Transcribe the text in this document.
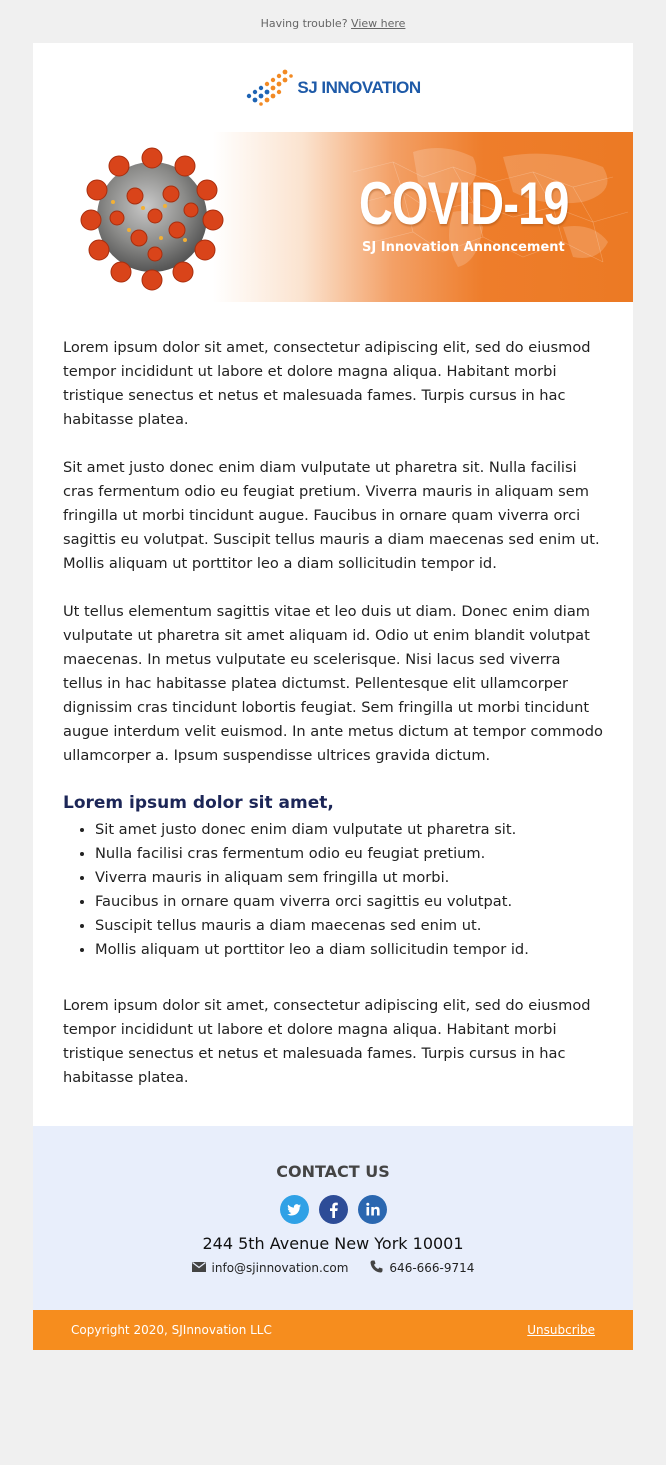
Having trouble? View here
SJ INNOVATION
COVID-19
SJ Innovation Annoncement

Lorem ipsum dolor sit amet, consectetur adipiscing elit, sed do eiusmod tempor incididunt ut labore et dolore magna aliqua. Habitant morbi tristique senectus et netus et malesuada fames. Turpis cursus in hac habitasse platea.

Sit amet justo donec enim diam vulputate ut pharetra sit. Nulla facilisi cras fermentum odio eu feugiat pretium. Viverra mauris in aliquam sem fringilla ut morbi tincidunt augue. Faucibus in ornare quam viverra orci sagittis eu volutpat. Suscipit tellus mauris a diam maecenas sed enim ut. Mollis aliquam ut porttitor leo a diam sollicitudin tempor id.

Ut tellus elementum sagittis vitae et leo duis ut diam. Donec enim diam vulputate ut pharetra sit amet aliquam id. Odio ut enim blandit volutpat maecenas. In metus vulputate eu scelerisque. Nisi lacus sed viverra tellus in hac habitasse platea dictumst. Pellentesque elit ullamcorper dignissim cras tincidunt lobortis feugiat. Sem fringilla ut morbi tincidunt augue interdum velit euismod. In ante metus dictum at tempor commodo ullamcorper a. Ipsum suspendisse ultrices gravida dictum.

Lorem ipsum dolor sit amet,
• Sit amet justo donec enim diam vulputate ut pharetra sit.
• Nulla facilisi cras fermentum odio eu feugiat pretium.
• Viverra mauris in aliquam sem fringilla ut morbi.
• Faucibus in ornare quam viverra orci sagittis eu volutpat.
• Suscipit tellus mauris a diam maecenas sed enim ut.
• Mollis aliquam ut porttitor leo a diam sollicitudin tempor id.

Lorem ipsum dolor sit amet, consectetur adipiscing elit, sed do eiusmod tempor incididunt ut labore et dolore magna aliqua. Habitant morbi tristique senectus et netus et malesuada fames. Turpis cursus in hac habitasse platea.

CONTACT US
244 5th Avenue New York 10001
info@sjinnovation.com	646-666-9714
Copyright 2020, SJInnovation LLC	Unsubcribe
